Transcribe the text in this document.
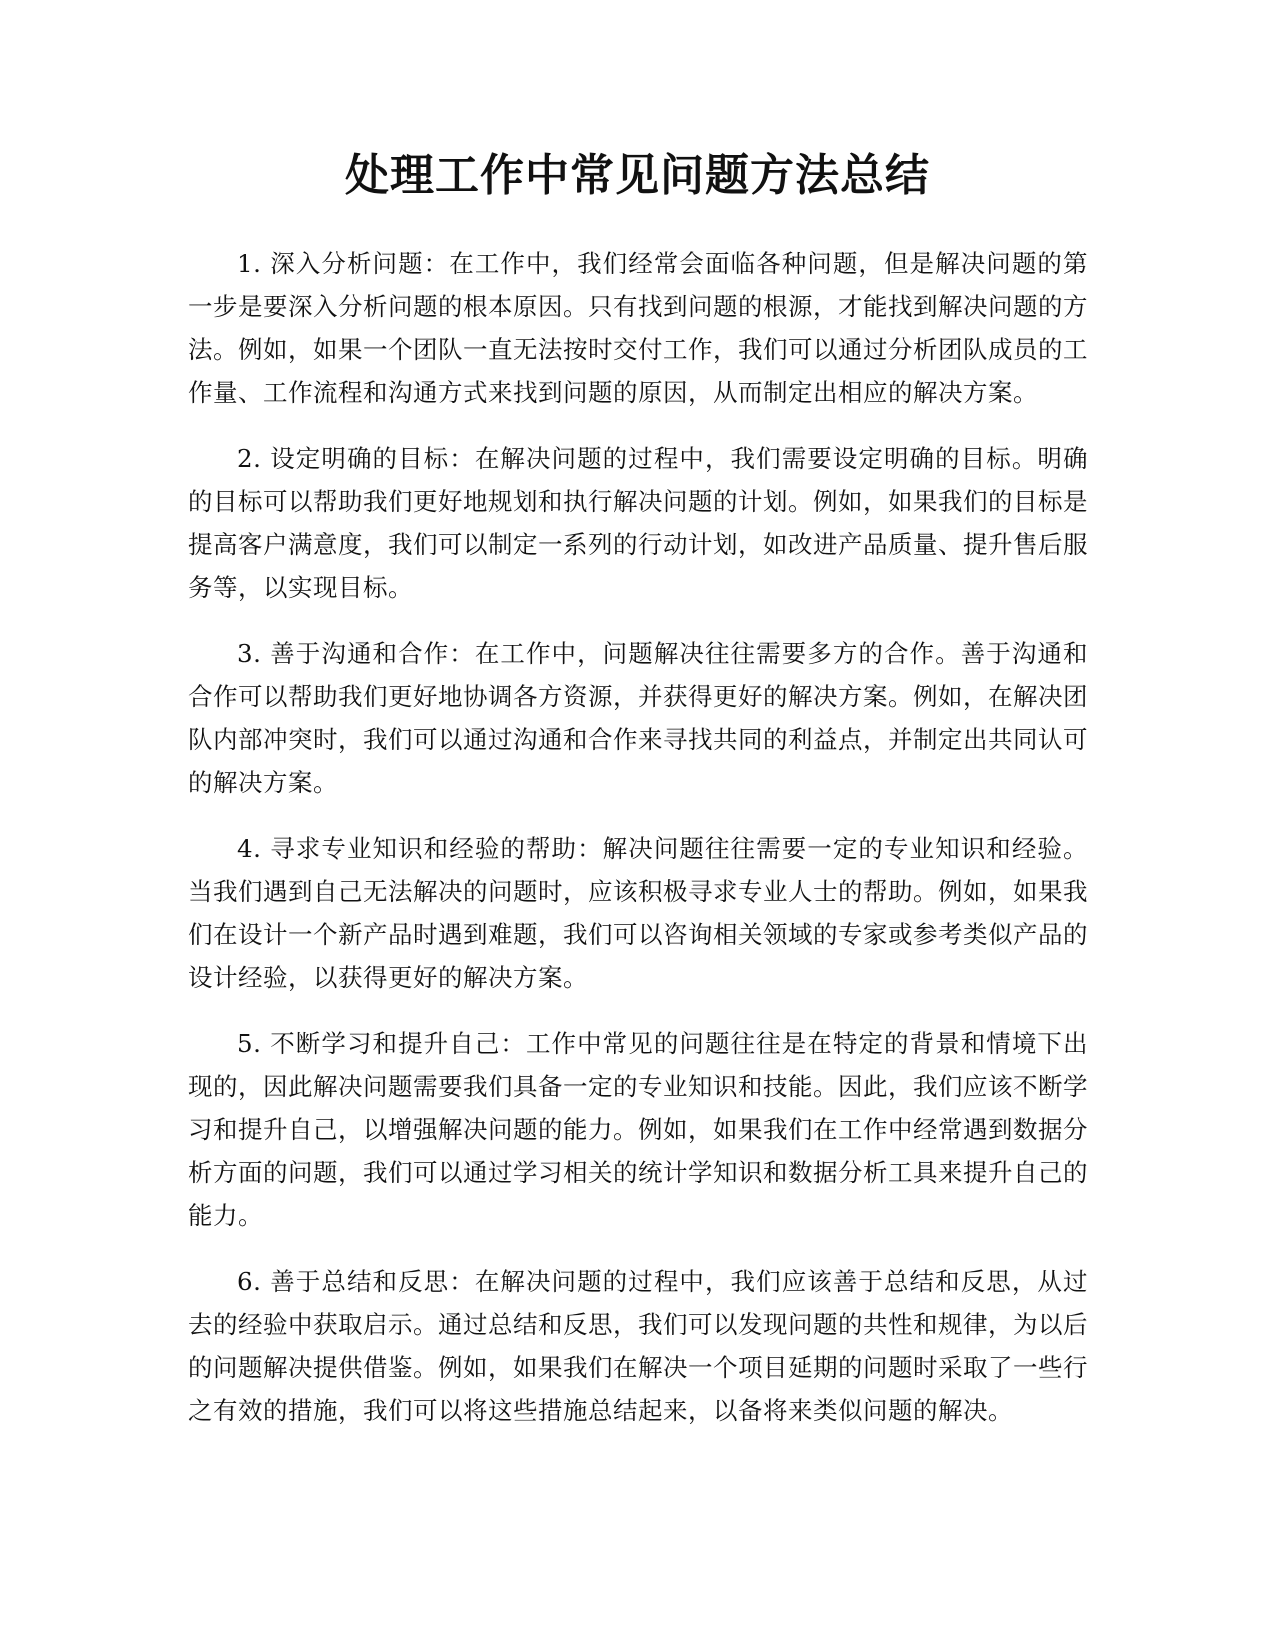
处理工作中常见问题方法总结

1. 深入分析问题：在工作中，我们经常会面临各种问题，但是解决问题的第一步是要深入分析问题的根本原因。只有找到问题的根源，才能找到解决问题的方法。例如，如果一个团队一直无法按时交付工作，我们可以通过分析团队成员的工作量、工作流程和沟通方式来找到问题的原因，从而制定出相应的解决方案。

2. 设定明确的目标：在解决问题的过程中，我们需要设定明确的目标。明确的目标可以帮助我们更好地规划和执行解决问题的计划。例如，如果我们的目标是提高客户满意度，我们可以制定一系列的行动计划，如改进产品质量、提升售后服务等，以实现目标。

3. 善于沟通和合作：在工作中，问题解决往往需要多方的合作。善于沟通和合作可以帮助我们更好地协调各方资源，并获得更好的解决方案。例如，在解决团队内部冲突时，我们可以通过沟通和合作来寻找共同的利益点，并制定出共同认可的解决方案。

4. 寻求专业知识和经验的帮助：解决问题往往需要一定的专业知识和经验。当我们遇到自己无法解决的问题时，应该积极寻求专业人士的帮助。例如，如果我们在设计一个新产品时遇到难题，我们可以咨询相关领域的专家或参考类似产品的设计经验，以获得更好的解决方案。

5. 不断学习和提升自己：工作中常见的问题往往是在特定的背景和情境下出现的，因此解决问题需要我们具备一定的专业知识和技能。因此，我们应该不断学习和提升自己，以增强解决问题的能力。例如，如果我们在工作中经常遇到数据分析方面的问题，我们可以通过学习相关的统计学知识和数据分析工具来提升自己的能力。

6. 善于总结和反思：在解决问题的过程中，我们应该善于总结和反思，从过去的经验中获取启示。通过总结和反思，我们可以发现问题的共性和规律，为以后的问题解决提供借鉴。例如，如果我们在解决一个项目延期的问题时采取了一些行之有效的措施，我们可以将这些措施总结起来，以备将来类似问题的解决。
